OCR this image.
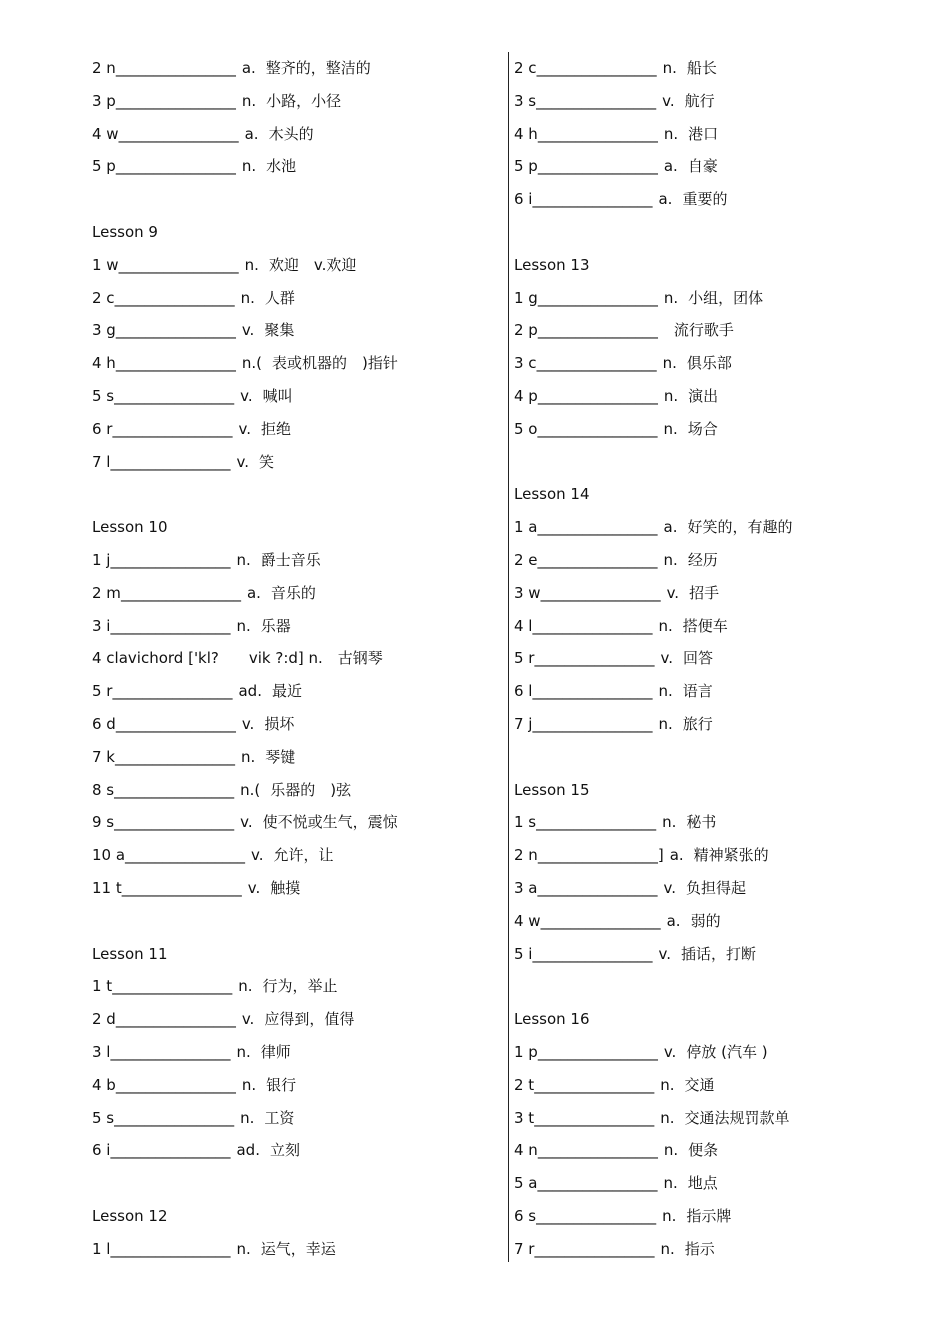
2 n________________ a. 整齐的，整洁的
3 p________________ n. 小路，小径
4 w________________ a. 木头的
5 p________________ n. 水池
Lesson 9
1 w________________ n. 欢迎　v.欢迎
2 c________________ n. 人群
3 g________________ v. 聚集
4 h________________ n.( 表或机器的　)指针
5 s________________ v. 喊叫
6 r________________ v. 拒绝
7 l________________ v. 笑
Lesson 10
1 j________________ n. 爵士音乐
2 m________________ a. 音乐的
3 i________________ n. 乐器
4 clavichord ['kl?　　vik ?:d] n.　古钢琴
5 r________________ ad. 最近
6 d________________ v. 损坏
7 k________________ n. 琴键
8 s________________ n.( 乐器的　)弦
9 s________________ v. 使不悦或生气，震惊
10 a________________ v. 允许，让
11 t________________ v. 触摸
Lesson 11
1 t________________ n. 行为，举止
2 d________________ v. 应得到，值得
3 l________________ n. 律师
4 b________________ n. 银行
5 s________________ n. 工资
6 i________________ ad. 立刻
Lesson 12
1 l________________ n. 运气，幸运
2 c________________ n. 船长
3 s________________ v. 航行
4 h________________ n. 港口
5 p________________ a. 自豪
6 i________________ a. 重要的
Lesson 13
1 g________________ n. 小组，团体
2 p________________ 流行歌手
3 c________________ n. 俱乐部
4 p________________ n. 演出
5 o________________ n. 场合
Lesson 14
1 a________________ a. 好笑的，有趣的
2 e________________ n. 经历
3 w________________ v. 招手
4 l________________ n. 搭便车
5 r________________ v. 回答
6 l________________ n. 语言
7 j________________ n. 旅行
Lesson 15
1 s________________ n. 秘书
2 n________________] a. 精神紧张的
3 a________________ v. 负担得起
4 w________________ a. 弱的
5 i________________ v. 插话，打断
Lesson 16
1 p________________ v. 停放 (汽车 )
2 t________________ n. 交通
3 t________________ n. 交通法规罚款单
4 n________________ n. 便条
5 a________________ n. 地点
6 s________________ n. 指示牌
7 r________________ n. 指示
